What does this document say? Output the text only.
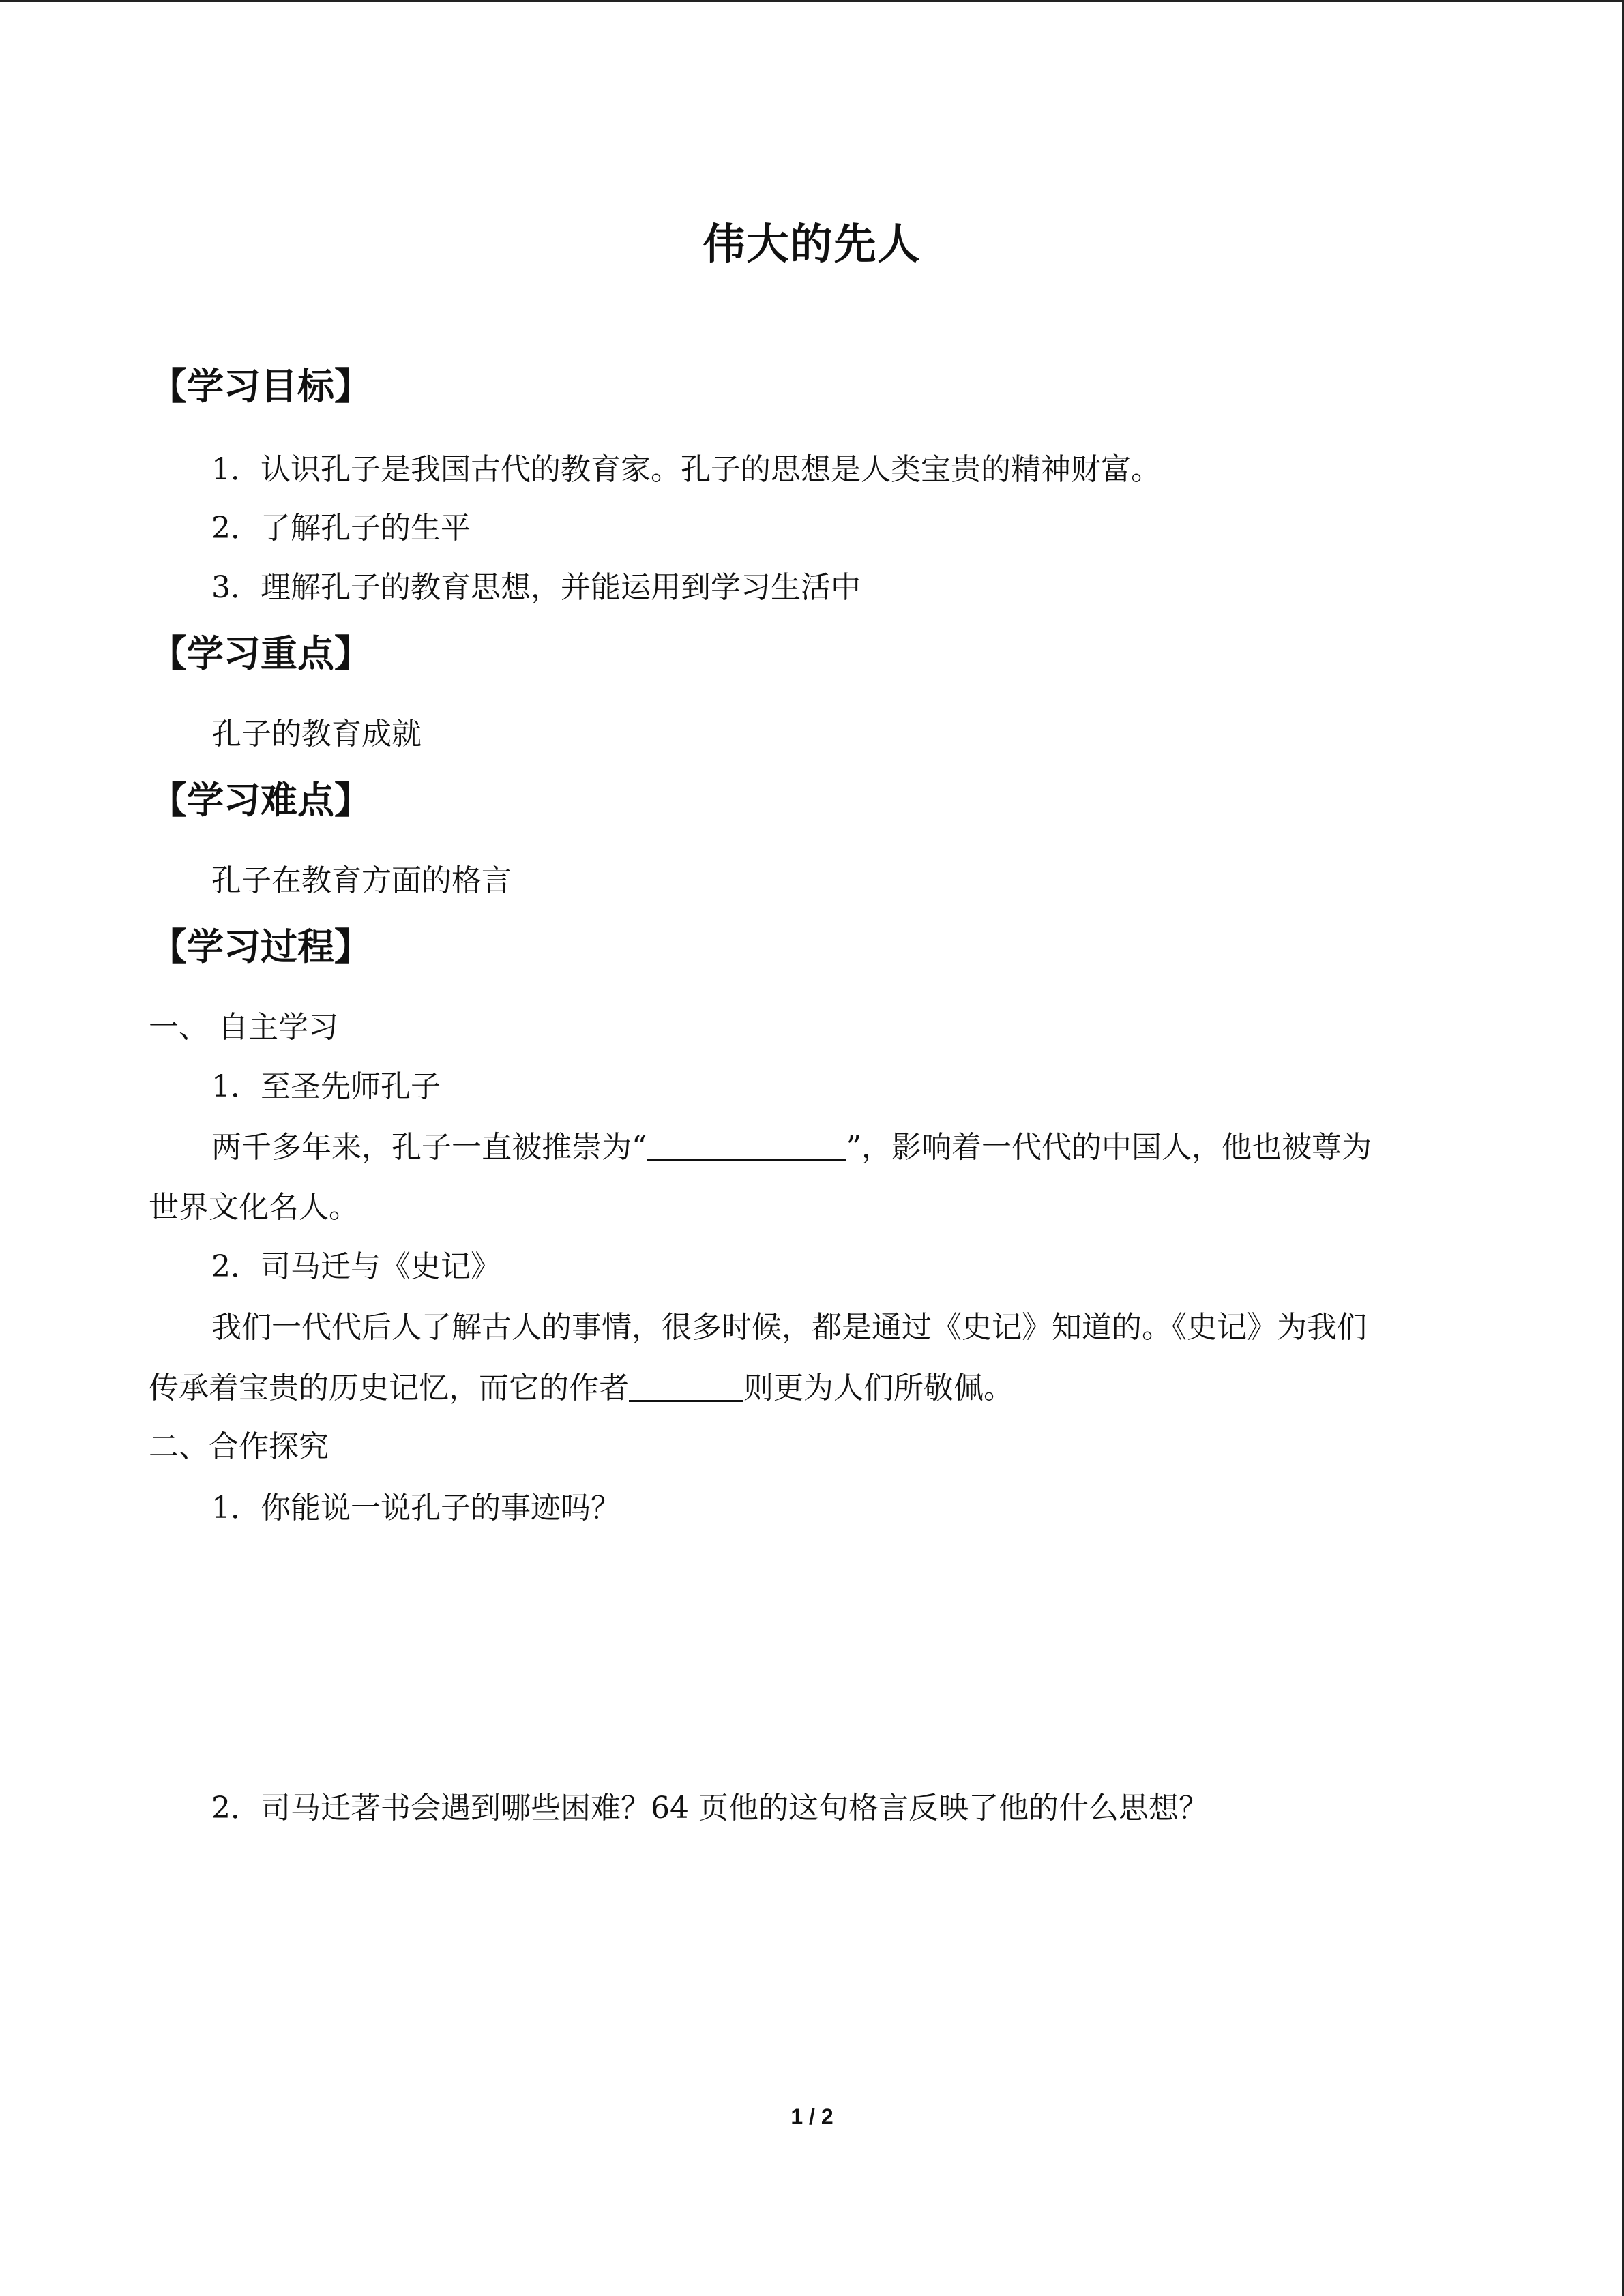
伟大的先人
【学习目标】
1．认识孔子是我国古代的教育家。孔子的思想是人类宝贵的精神财富。
2．了解孔子的生平
3．理解孔子的教育思想，并能运用到学习生活中
【学习重点】
孔子的教育成就
【学习难点】
孔子在教育方面的格言
【学习过程】
一、 自主学习
1．至圣先师孔子
两千多年来，孔子一直被推崇为“	”，影响着一代代的中国人，他也被尊为
世界文化名人。
2．司马迁与《史记》
我们一代代后人了解古人的事情，很多时候，都是通过《史记》知道的。《史记》为我们
传承着宝贵的历史记忆，而它的作者	则更为人们所敬佩。
二、合作探究
1．你能说一说孔子的事迹吗？
2．司马迁著书会遇到哪些困难？64 页他的这句格言反映了他的什么思想？
1 / 2
